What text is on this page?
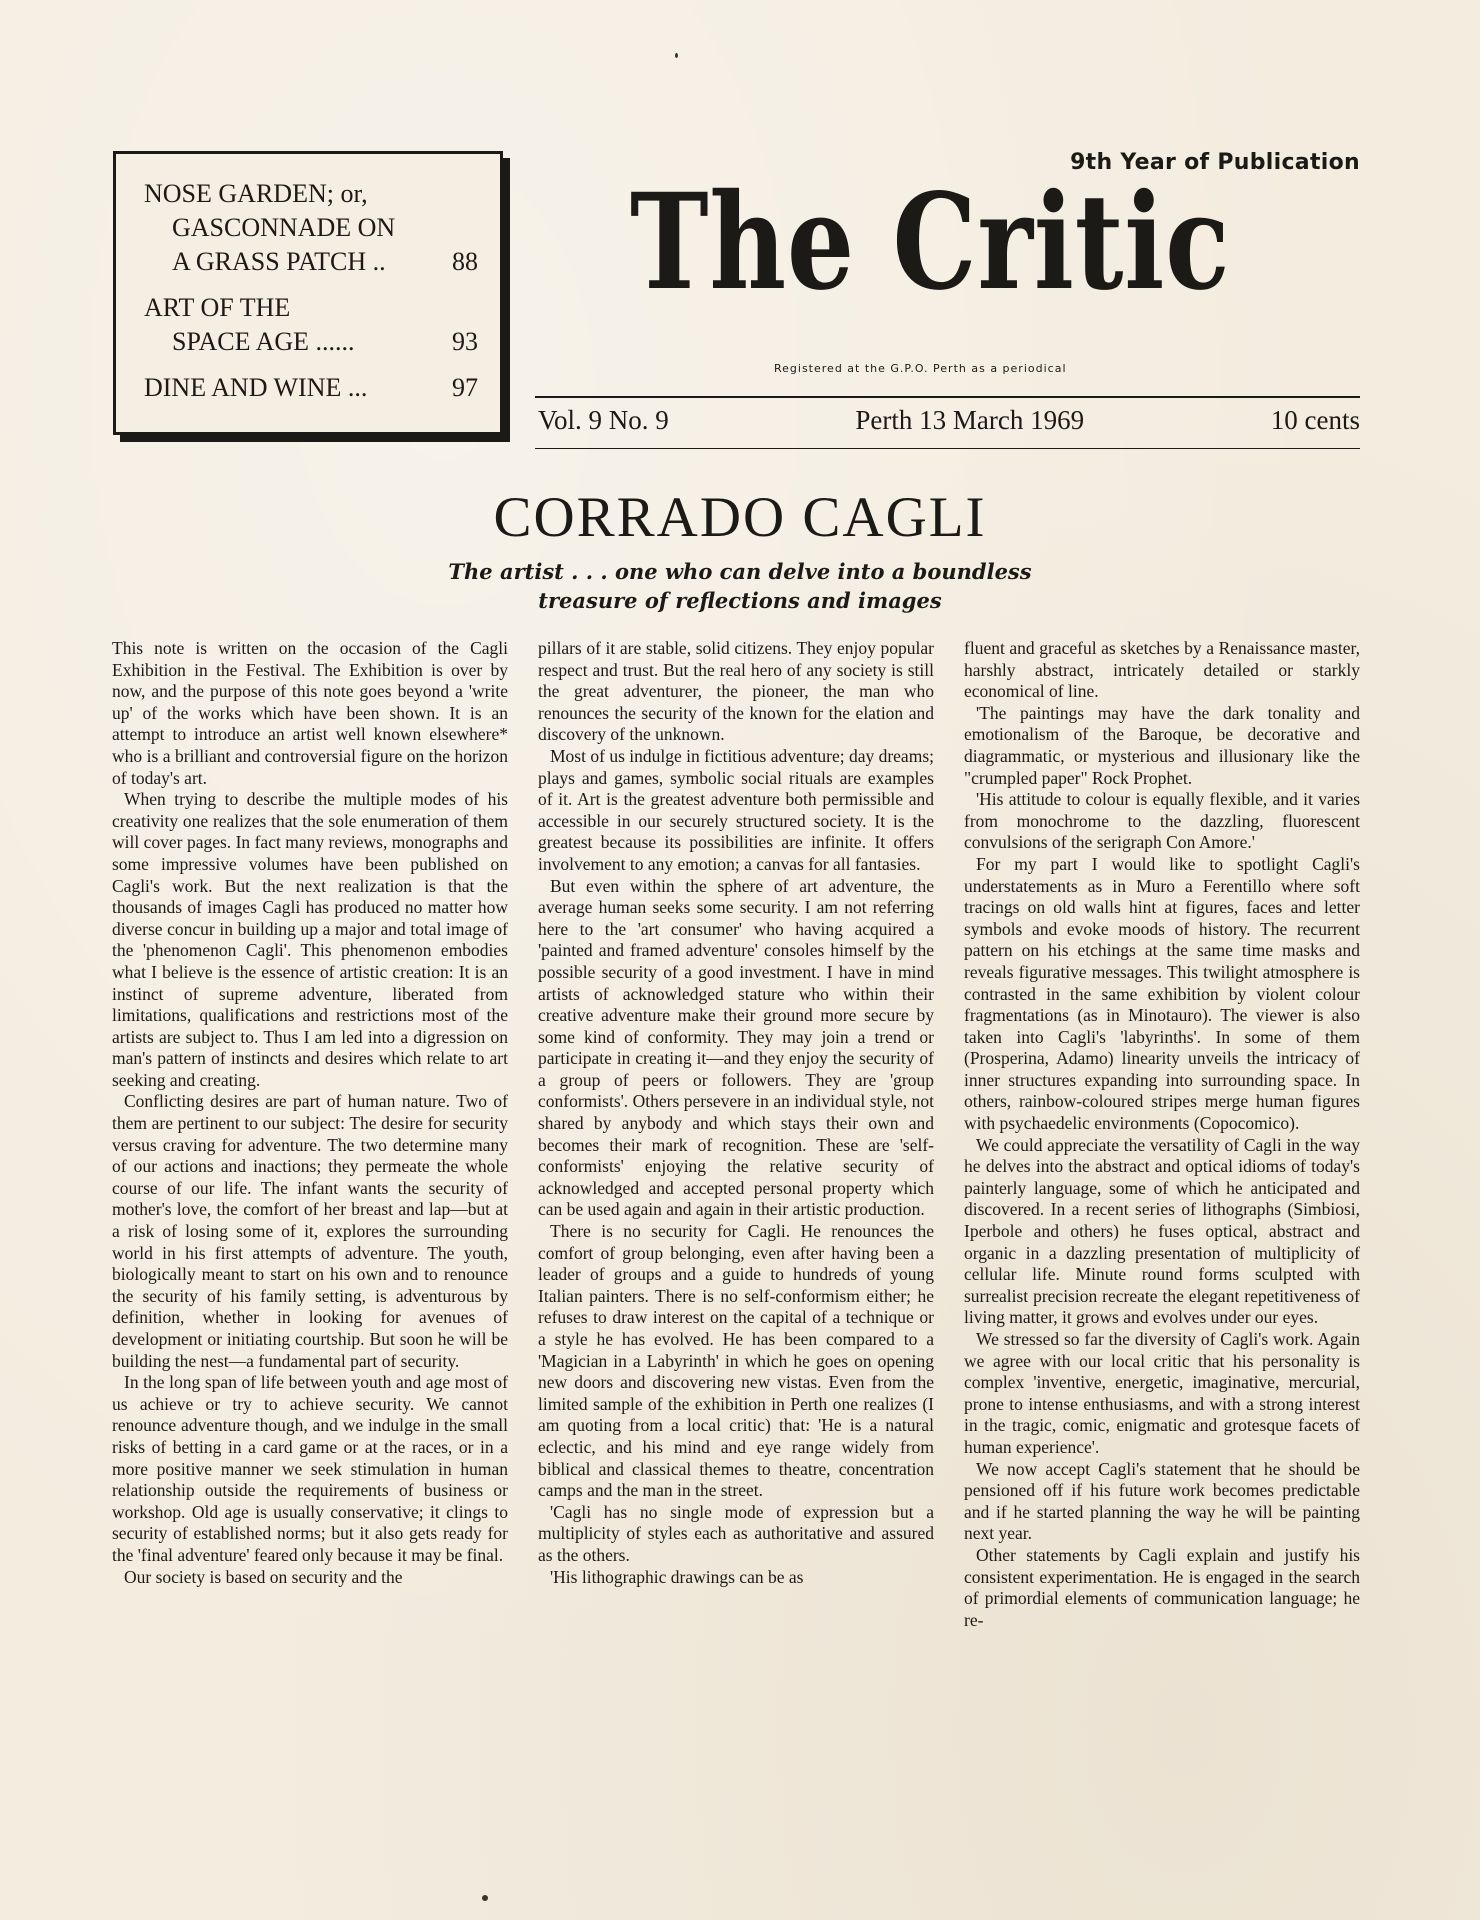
NOSE GARDEN; or,
GASCONNADE ON
A GRASS PATCH ..	88
ART OF THE
SPACE AGE ......	93
DINE AND WINE ...	97
9th Year of Publication
The Critic
Registered at the G.P.O. Perth as a periodical
Vol. 9 No. 9	Perth 13 March 1969	10 cents
CORRADO CAGLI
The artist . . . one who can delve into a boundless
treasure of reflections and images

This note is written on the occasion of the Cagli Exhibition in the Festival. The Exhibition is over by now, and the purpose of this note goes beyond a 'write up' of the works which have been shown. It is an attempt to introduce an artist well known elsewhere* who is a brilliant and controversial figure on the horizon of today's art.

When trying to describe the multiple modes of his creativity one realizes that the sole enumeration of them will cover pages. In fact many reviews, monographs and some impressive volumes have been published on Cagli's work. But the next realization is that the thousands of images Cagli has produced no matter how diverse concur in building up a major and total image of the 'phenomenon Cagli'. This phenomenon embodies what I believe is the essence of artistic creation: It is an instinct of supreme adventure, liberated from limitations, qualifications and restrictions most of the artists are subject to. Thus I am led into a digression on man's pattern of instincts and desires which relate to art seeking and creating.

Conflicting desires are part of human nature. Two of them are pertinent to our subject: The desire for security versus craving for adventure. The two determine many of our actions and inactions; they permeate the whole course of our life. The infant wants the security of mother's love, the comfort of her breast and lap—but at a risk of losing some of it, explores the surrounding world in his first attempts of adventure. The youth, biologically meant to start on his own and to renounce the security of his family setting, is adventurous by definition, whether in looking for avenues of development or initiating courtship. But soon he will be building the nest—a fundamental part of security.

In the long span of life between youth and age most of us achieve or try to achieve security. We cannot renounce adventure though, and we indulge in the small risks of betting in a card game or at the races, or in a more positive manner we seek stimulation in human relationship outside the requirements of business or workshop. Old age is usually conservative; it clings to security of established norms; but it also gets ready for the 'final adventure' feared only because it may be final.

Our society is based on security and the

pillars of it are stable, solid citizens. They enjoy popular respect and trust. But the real hero of any society is still the great adventurer, the pioneer, the man who renounces the security of the known for the elation and discovery of the unknown.

Most of us indulge in fictitious adventure; day dreams; plays and games, symbolic social rituals are examples of it. Art is the greatest adventure both permissible and accessible in our securely structured society. It is the greatest because its possibilities are infinite. It offers involvement to any emotion; a canvas for all fantasies.

But even within the sphere of art adventure, the average human seeks some security. I am not referring here to the 'art consumer' who having acquired a 'painted and framed adventure' consoles himself by the possible security of a good investment. I have in mind artists of acknowledged stature who within their creative adventure make their ground more secure by some kind of conformity. They may join a trend or participate in creating it—and they enjoy the security of a group of peers or followers. They are 'group conformists'. Others persevere in an individual style, not shared by anybody and which stays their own and becomes their mark of recognition. These are 'self-conformists' enjoying the relative security of acknowledged and accepted personal property which can be used again and again in their artistic production.

There is no security for Cagli. He renounces the comfort of group belonging, even after having been a leader of groups and a guide to hundreds of young Italian painters. There is no self-conformism either; he refuses to draw interest on the capital of a technique or a style he has evolved. He has been compared to a 'Magician in a Labyrinth' in which he goes on opening new doors and discovering new vistas. Even from the limited sample of the exhibition in Perth one realizes (I am quoting from a local critic) that: 'He is a natural eclectic, and his mind and eye range widely from biblical and classical themes to theatre, concentration camps and the man in the street.

'Cagli has no single mode of expression but a multiplicity of styles each as authoritative and assured as the others.

'His lithographic drawings can be as

fluent and graceful as sketches by a Renaissance master, harshly abstract, intricately detailed or starkly economical of line.

'The paintings may have the dark tonality and emotionalism of the Baroque, be decorative and diagrammatic, or mysterious and illusionary like the "crumpled paper" Rock Prophet.

'His attitude to colour is equally flexible, and it varies from monochrome to the dazzling, fluorescent convulsions of the serigraph Con Amore.'

For my part I would like to spotlight Cagli's understatements as in Muro a Ferentillo where soft tracings on old walls hint at figures, faces and letter symbols and evoke moods of history. The recurrent pattern on his etchings at the same time masks and reveals figurative messages. This twilight atmosphere is contrasted in the same exhibition by violent colour fragmentations (as in Minotauro). The viewer is also taken into Cagli's 'labyrinths'. In some of them (Prosperina, Adamo) linearity unveils the intricacy of inner structures expanding into surrounding space. In others, rainbow-coloured stripes merge human figures with psychaedelic environments (Copocomico).

We could appreciate the versatility of Cagli in the way he delves into the abstract and optical idioms of today's painterly language, some of which he anticipated and discovered. In a recent series of lithographs (Simbiosi, Iperbole and others) he fuses optical, abstract and organic in a dazzling presentation of multiplicity of cellular life. Minute round forms sculpted with surrealist precision recreate the elegant repetitiveness of living matter, it grows and evolves under our eyes.

We stressed so far the diversity of Cagli's work. Again we agree with our local critic that his personality is complex 'inventive, energetic, imaginative, mercurial, prone to intense enthusiasms, and with a strong interest in the tragic, comic, enigmatic and grotesque facets of human experience'.

We now accept Cagli's statement that he should be pensioned off if his future work becomes predictable and if he started planning the way he will be painting next year.

Other statements by Cagli explain and justify his consistent experimentation. He is engaged in the search of primordial elements of communication language; he re-
